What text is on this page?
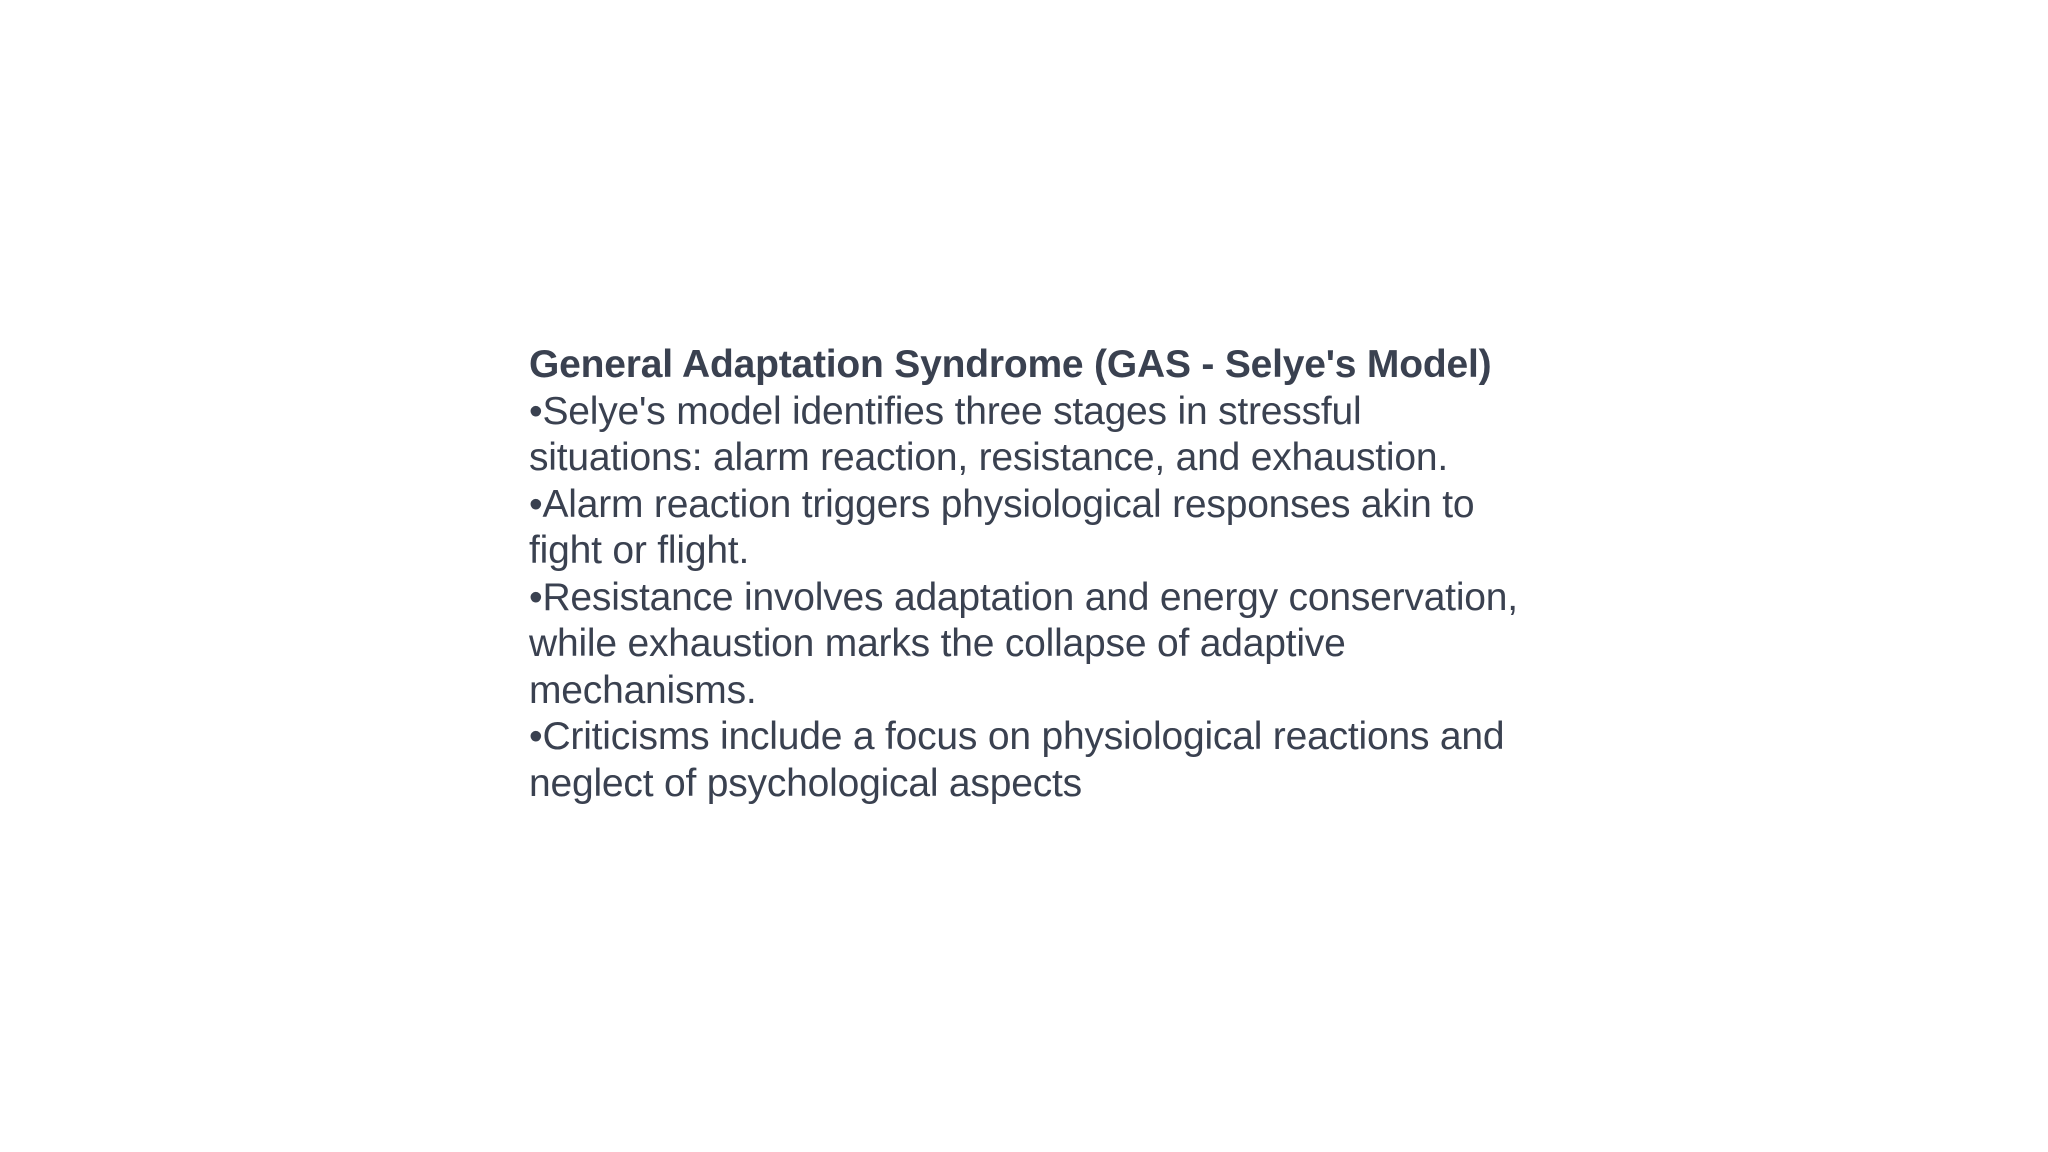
General Adaptation Syndrome (GAS - Selye's Model)

•Selye's model identifies three stages in stressful situations: alarm reaction, resistance, and exhaustion.

•Alarm reaction triggers physiological responses akin to fight or flight.

•Resistance involves adaptation and energy conservation, while exhaustion marks the collapse of adaptive mechanisms.

•Criticisms include a focus on physiological reactions and neglect of psychological aspects
